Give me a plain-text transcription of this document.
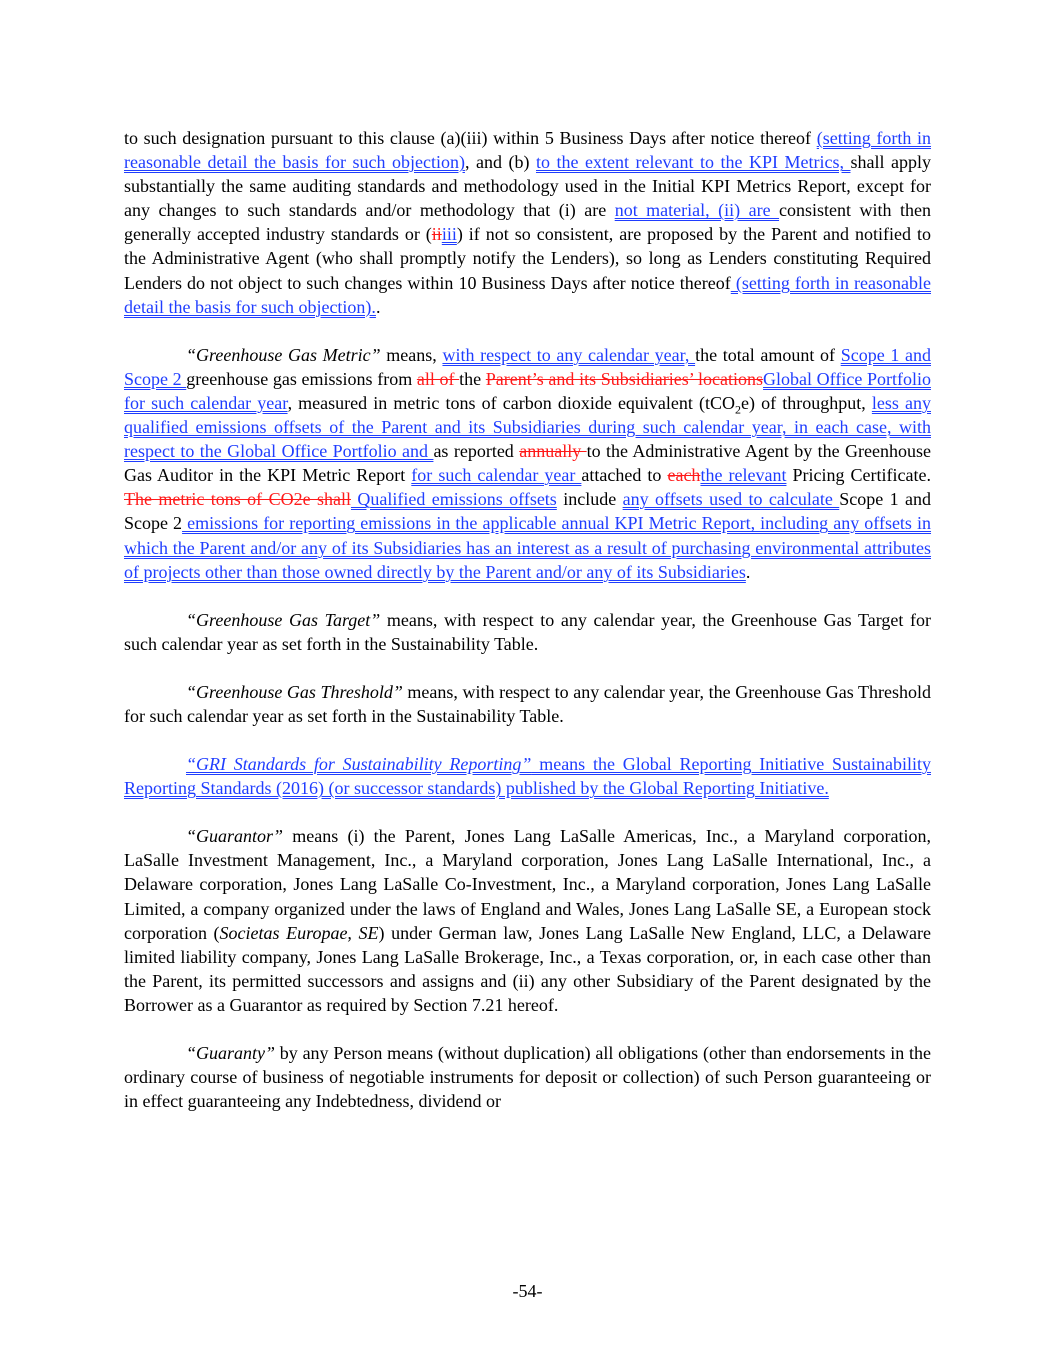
to such designation pursuant to this clause (a)(iii) within 5 Business Days after notice thereof (setting forth in reasonable detail the basis for such objection), and (b) to the extent relevant to the KPI Metrics, shall apply substantially the same auditing standards and methodology used in the Initial KPI Metrics Report, except for any changes to such standards and/or methodology that (i) are not material, (ii) are consistent with then generally accepted industry standards or (iiiii) if not so consistent, are proposed by the Parent and notified to the Administrative Agent (who shall promptly notify the Lenders), so long as Lenders constituting Required Lenders do not object to such changes within 10 Business Days after notice thereof (setting forth in reasonable detail the basis for such objection)..

“Greenhouse Gas Metric” means, with respect to any calendar year, the total amount of Scope 1 and Scope 2 greenhouse gas emissions from all of the Parent’s and its Subsidiaries’ locationsGlobal Office Portfolio for such calendar year, measured in metric tons of carbon dioxide equivalent (tCO$_2$e) of throughput, less any qualified emissions offsets of the Parent and its Subsidiaries during such calendar year, in each case, with respect to the Global Office Portfolio and as reported annually to the Administrative Agent by the Greenhouse Gas Auditor in the KPI Metric Report for such calendar year attached to eachthe relevant Pricing Certificate. The metric tons of CO2e shall Qualified emissions offsets include any offsets used to calculate Scope 1 and Scope 2 emissions for reporting emissions in the applicable annual KPI Metric Report, including any offsets in which the Parent and/or any of its Subsidiaries has an interest as a result of purchasing environmental attributes of projects other than those owned directly by the Parent and/or any of its Subsidiaries.

“Greenhouse Gas Target” means, with respect to any calendar year, the Greenhouse Gas Target for such calendar year as set forth in the Sustainability Table.

“Greenhouse Gas Threshold” means, with respect to any calendar year, the Greenhouse Gas Threshold for such calendar year as set forth in the Sustainability Table.

“GRI Standards for Sustainability Reporting” means the Global Reporting Initiative Sustainability Reporting Standards (2016) (or successor standards) published by the Global Reporting Initiative.

“Guarantor” means (i) the Parent, Jones Lang LaSalle Americas, Inc., a Maryland corporation, LaSalle Investment Management, Inc., a Maryland corporation, Jones Lang LaSalle International, Inc., a Delaware corporation, Jones Lang LaSalle Co-Investment, Inc., a Maryland corporation, Jones Lang LaSalle Limited, a company organized under the laws of England and Wales, Jones Lang LaSalle SE, a European stock corporation (Societas Europae, SE) under German law, Jones Lang LaSalle New England, LLC, a Delaware limited liability company, Jones Lang LaSalle Brokerage, Inc., a Texas corporation, or, in each case other than the Parent, its permitted successors and assigns and (ii) any other Subsidiary of the Parent designated by the Borrower as a Guarantor as required by Section 7.21 hereof.

“Guaranty” by any Person means (without duplication) all obligations (other than endorsements in the ordinary course of business of negotiable instruments for deposit or collection) of such Person guaranteeing or in effect guaranteeing any Indebtedness, dividend or

-54-
